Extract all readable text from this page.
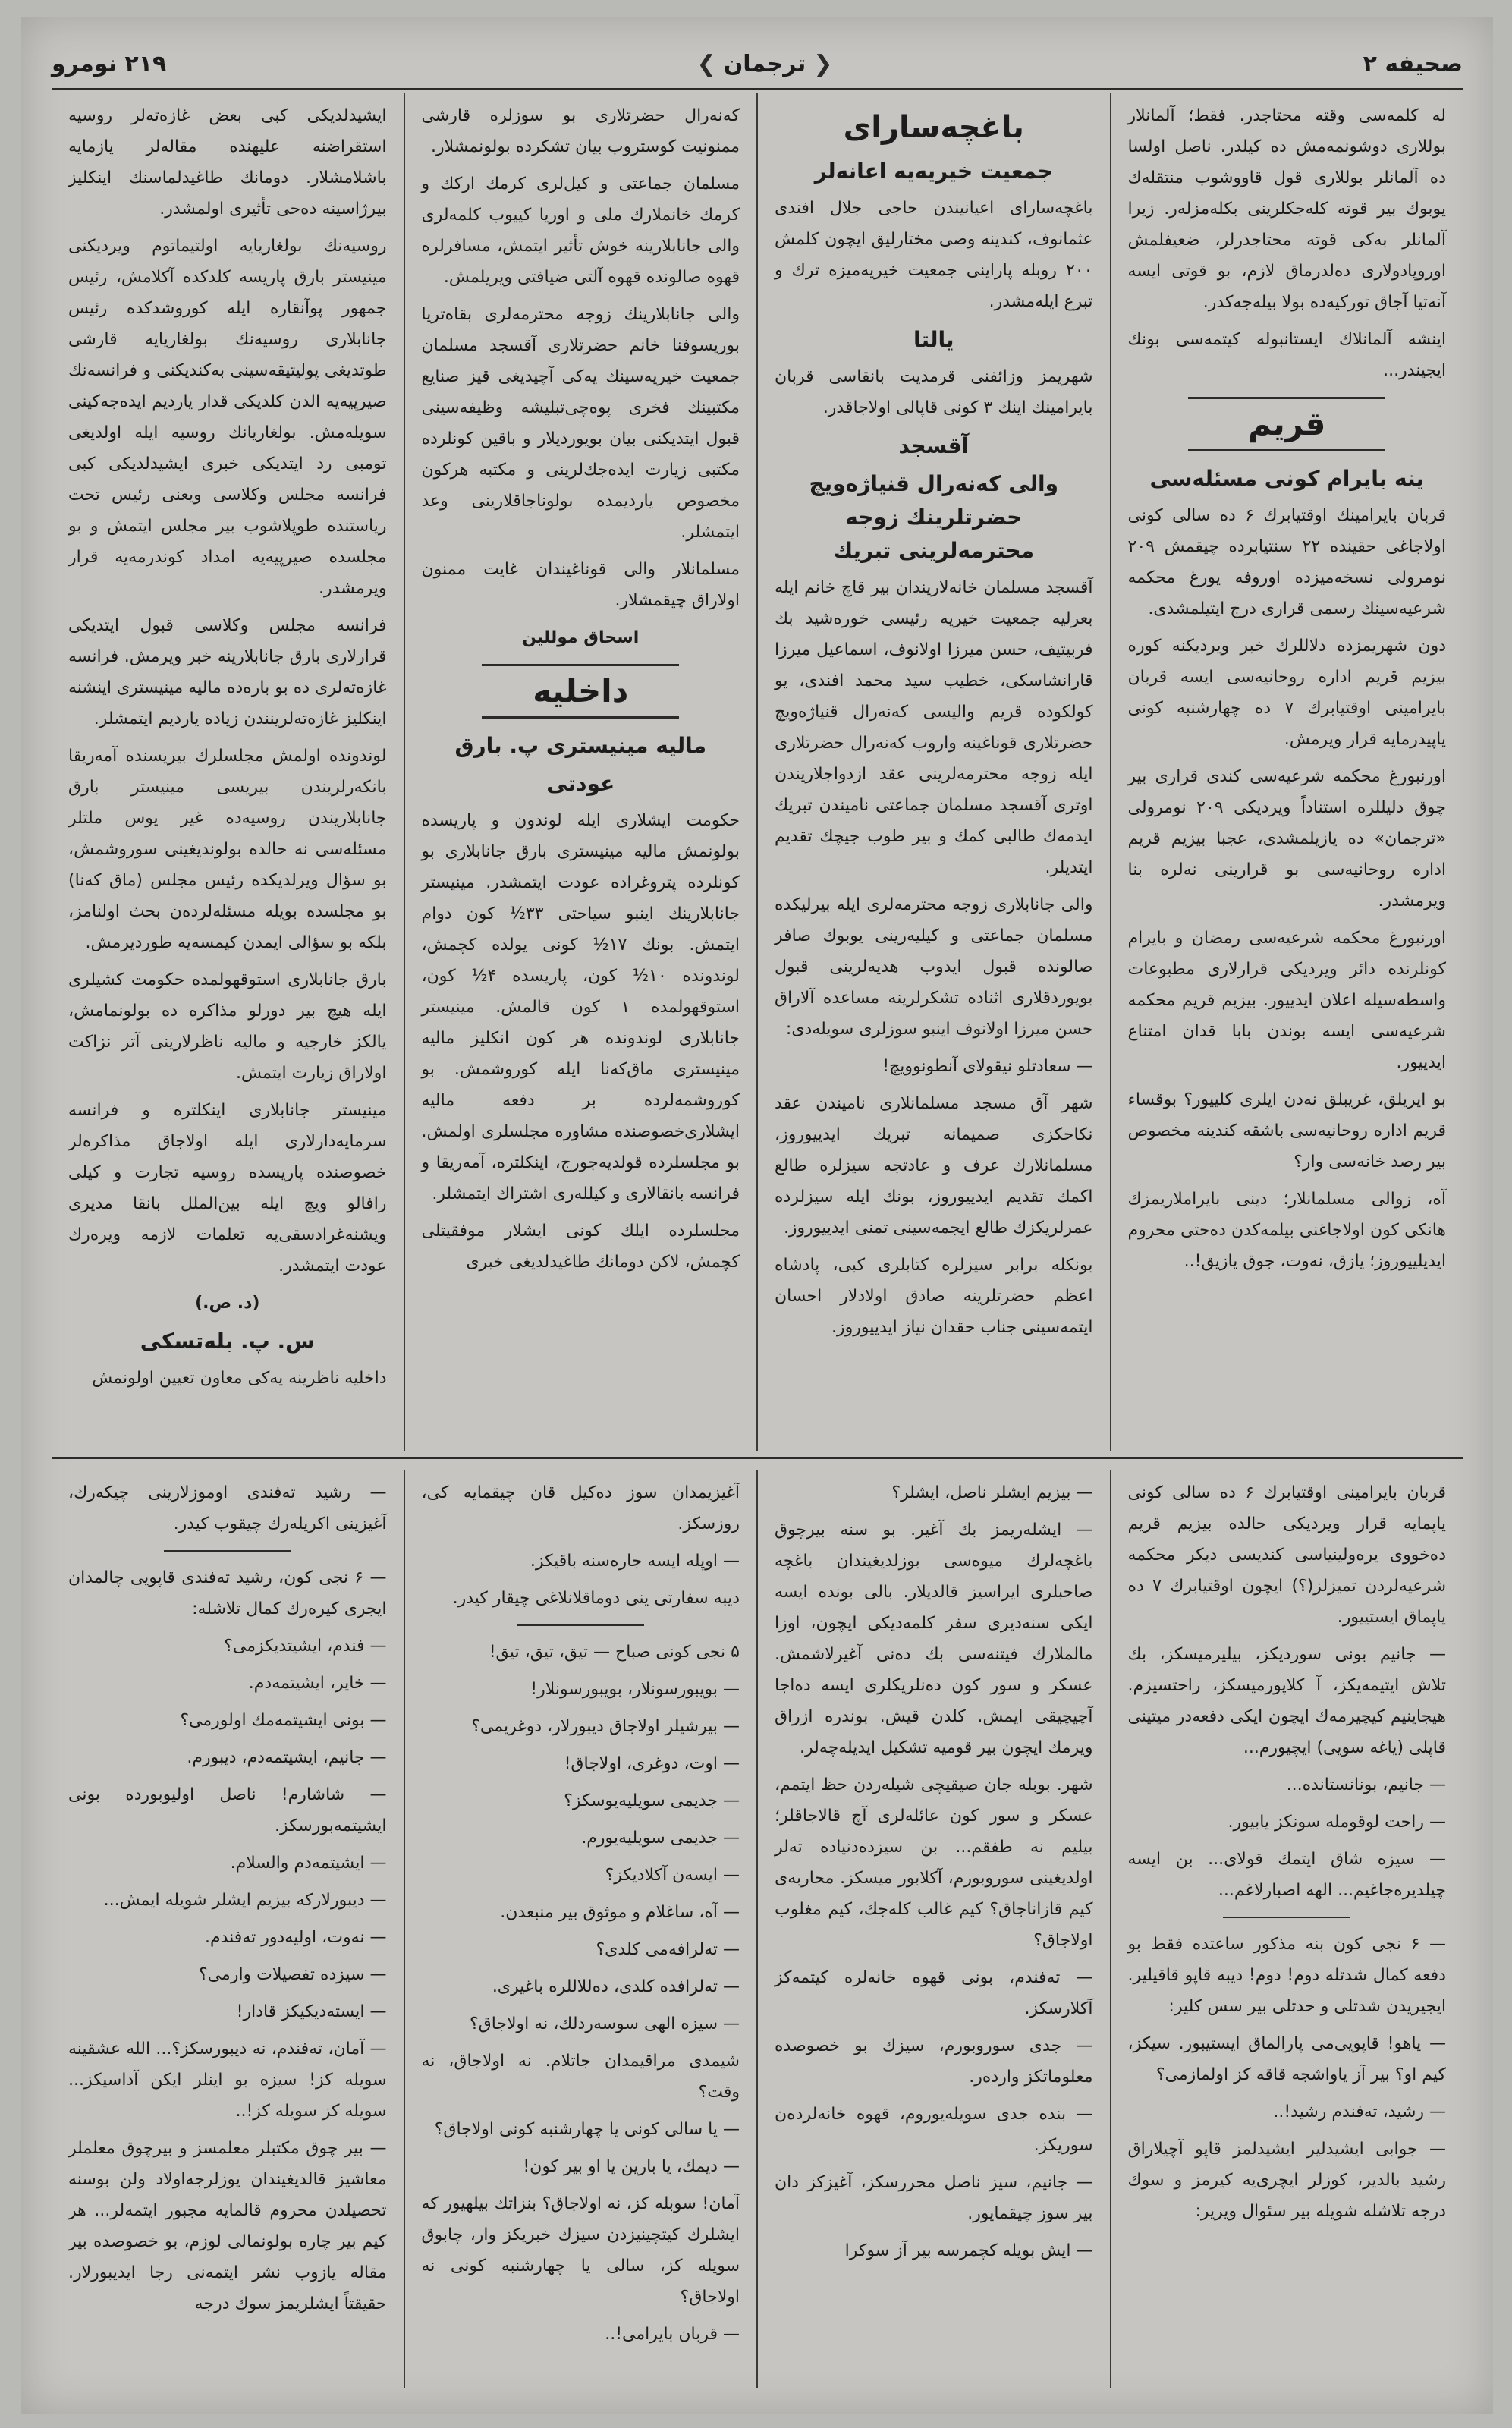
صحيفه ۲
❮
ترجمان
❯
۲۱۹ نومرو

له کلمه‌سی وقته محتاجدر. فقط؛ آلمانلار بوللاری دوشونمه‌مش ده کیلدر. ناصل اولسا ده آلمانلر بوللاری قول قاووشوب منتقله‌ك یوبوك بیر قوته کله‌جکلرینی بکله‌مزله‌ر. زیرا آلمانلر به‌کی قوته محتاجدرلر، ضعیفلمش اوروپادولاری ده‌لدرماق لازم، بو قوتی ایسه آنه‌تیا آجاق تورکیه‌ده بولا بیله‌جه‌کدر.

اینشه آلمانلاك ایستانبوله کیتمه‌سی بونك ایجیندر...

قريم
ینه بایرام کونی مسئله‌سی

قربان بایرامینك اوقتیابرك ۶ ده سالی کونی اولاجاغی حقینده ۲۲ سنتیابرده چیقمش ۲۰۹ نومرولی نسخه‌میزده اوروفه یورغ محکمه شرعیه‌سینك رسمی قراری درج ایتیلمشدی.

دون شهریمزده دلاللرك خبر ویردیکنه کوره بیزیم قریم اداره روحانیه‌سی ایسه قربان بایرامینی اوقتیابرك ۷ ده چهارشنبه کونی یاپیدرمایه قرار ویرمش.

اورنبورغ محکمه شرعیه‌سی کندی قراری بیر چوق دلیللره استناداً ویردیکی ۲۰۹ نومرولی «ترجمان» ده یازیلمشدی، عجبا بیزیم قریم اداره روحانیه‌سی بو قرارینی نه‌لره بنا ویرمشدر.

اورنبورغ محکمه شرعیه‌سی رمضان و بایرام کونلرنده دائر ویردیکی قرارلاری مطبوعات واسطه‌سیله اعلان ایدییور. بیزیم قریم محکمه شرعیه‌سی ایسه بوندن بابا قدان امتناع ایدییور.

بو ایریلق، غریبلق نه‌دن ایلری کلییور؟ بوقساء قریم اداره روحانیه‌سی باشقه کندینه مخصوص بیر رصد خانه‌سی وار؟

آه، زوالی مسلمانلار؛ دینی بایراملاریمزك هانکی کون اولاجاغنی بیلمه‌کدن ده‌حتی محروم ایدیلییوروز؛ یازق، نه‌وت، جوق یازیق!..

باغچه‌سارای
جمعیت خیریه‌یه اعانه‌لر

باغچه‌سارای اعیانیندن حاجی جلال افندی عثمانوف، کندینه وصی مختارلیق ایچون کلمش ۲۰۰ روبله پاراینی جمعیت خیریه‌میزه ترك و تبرع ایله‌مشدر.

یالتا

شهریمز وزائفنی قرمدیت بانقاسی قربان بایرامینك اینك ۳ کونی قاپالی اولاجاقدر.

آقسجد
والی که‌نه‌رال قنیاژه‌ویچ حضرتلرینك زوجه محترمه‌لرینی تبریك

آقسجد مسلمان خانه‌لاریندان بیر قاچ خانم ایله بعرلیه جمعیت خیریه رئیسی خوره‌شید بك فربیتیف، حسن میرزا اولانوف، اسماعیل میرزا قارانشاسکی، خطیب سید محمد افندی، یو کولکوده قریم والیسی که‌نه‌رال قنیاژه‌ویچ حضرتلاری قوناغینه واروب که‌نه‌رال حضرتلاری ایله زوجه محترمه‌لرینی عقد ازدواجلاریندن اوتری آقسجد مسلمان جماعتی نامیندن تبریك ایدمه‌ك طالبی کمك و بیر طوب جیچك تقدیم ایتدیلر.

والی جانابلاری زوجه محترمه‌لری ایله بیرلیکده مسلمان جماعتی و کیلیه‌رینی یوبوك صافر صالونده قبول ایدوب هدیه‌لرینی قبول بویوردقلاری اثناده تشکرلرینه مساعده آلاراق حسن میرزا اولانوف اینبو سوزلری سویله‌دی:

— سعادتلو نیقولای آنطونوویچ!

شهر آق مسجد مسلمانلاری نامیندن عقد نکاحکزی صمیمانه تبریك ایدییوروز، مسلمانلارك عرف و عادتجه سیزلره طالع اکمك تقدیم ایدییوروز، بونك ایله سیزلرده عمرلریکزك طالع ایجمه‌سینی تمنی ایدییوروز.

بونکله برابر سیزلره کتابلری کبی، پادشاه اعظم حضرتلرینه صادق اولادلار احسان ایتمه‌سینی جناب حقدان نیاز ایدییوروز.

که‌نه‌رال حضرتلاری بو سوزلره قارشی ممنونیت کوستروب بیان تشکرده بولونمشلار.

مسلمان جماعتی و کیل‌لری کرمك اركك و کرمك خانملارك ملی و اوریا کییوب کلمه‌لری والی جانابلارینه خوش تأثیر ایتمش، مسافرلره قهوه صالونده قهوه آلتی ضیافتی ویریلمش.

والی جانابلارینك زوجه محترمه‌لری بقاه‌تریا بوریسوفنا خانم حضرتلاری آقسجد مسلمان جمعیت خیریه‌سینك یه‌کی آچیدیغی قیز صنایع مکتبینك فخری پوه‌چی‌تبلیشه وظیفه‌سینی قبول ایتدیکنی بیان بویوردیلار و باقین کونلرده مکتبی زیارت ایده‌جك‌لرینی و مکتبه هرکون مخصوص یاردیمده بولوناجاقلارینی وعد ایتمشلر.

مسلمانلار والی قوناغیندان غایت ممنون اولاراق چیقمشلار.

اسحاق موللین
داخلیه
مالیه مینیستری پ. بارق
عودتی

حکومت ایشلاری ایله لوندون و پاریسده بولونمش مالیه مینیستری بارق جانابلاری بو کونلرده پتروغراده عودت ایتمشدر. مینیستر جانابلارینك اینبو سیاحتی ۳۳½ کون دوام ایتمش. بونك ۱۷½ کونی یولده کچمش، لوندونده ۱۰½ کون، پاریسده ۴½ کون، استوقهولمده ۱ کون قالمش. مینیستر جانابلاری لوندونده هر کون انکلیز مالیه مینیستری ماق‌که‌نا ایله کوروشمش. بو کوروشمه‌لرده بر دفعه مالیه ایشلاری‌خصوصنده مشاوره مجلسلری اولمش. بو مجلسلرده قولدیه‌جورج، اینکلتره، آمه‌ریقا و فرانسه بانقالاری و کیلله‌ری اشتراك ایتمشلر.

مجلسلرده ایلك کونی ایشلار موفقیتلی کچمش، لاکن دومانك طاغیدلدیغی خبری

ایشیدلدیکی کبی بعض غازه‌ته‌لر روسیه استقراضنه علیهنده مقاله‌لر یازمایه باشلامشلار. دومانك طاغیدلماسنك اینکلیز بیرژاسینه ده‌حی تأثیری اولمشدر.

روسیه‌نك بولغاریایه اولتیماتوم ویردیکنی مینیستر بارق پاریسه کلدکده آکلامش، رئیس جمهور پوآنقاره ایله کوروشدکده رئیس جانابلاری روسیه‌نك بولغاریایه قارشی طوتدیغی پولیتیقه‌سینی به‌کندیکنی و فرانسه‌نك صیرپیه‌یه الدن کلدیکی قدار یاردیم ایده‌جه‌کینی سویله‌مش. بولغاریانك روسیه ایله اولدیغی تومبی رد ایتدیکی خبری ایشیدلدیکی کبی فرانسه مجلس وکلاسی ویعنی رئیس تحت ریاستنده طوپلاشوب بیر مجلس ایتمش و بو مجلسده صیرپیه‌یه امداد کوندرمه‌یه قرار ویرمشدر.

فرانسه مجلس وکلاسی قبول ایتدیکی قرارلاری بارق جانابلارینه خبر ویرمش. فرانسه غازه‌ته‌لری ده بو باره‌ده مالیه مینیستری اینشنه اینکلیز غازه‌ته‌لرینندن زیاده یاردیم ایتمشلر.

لوندونده اولمش مجلسلرك بیریسنده آمه‌ریقا بانکه‌رلریندن بیریسی مینیستر بارق جانابلاریندن روسیه‌ده غیر یوس ملتلر مسئله‌سی نه حالده بولوندیغینی سوروشمش، بو سؤال ویرلدیکده رئیس مجلس (ماق که‌نا) بو مجلسده بویله مسئله‌لرده‌ن بحث اولنامز، بلکه بو سؤالی ایمدن کیمسه‌یه طوردیرمش.

بارق جانابلاری استوقهولمده حکومت کشیلری ایله هیچ بیر دورلو مذاکره ده بولونمامش، یالکز خارجیه و مالیه ناظرلارینی آتر نزاکت اولاراق زیارت ایتمش.

مینیستر جانابلاری اینکلتره و فرانسه سرمایه‌دارلاری ایله اولاجاق مذاکره‌لر خصوصنده پاریسده روسیه تجارت و کیلی رافالو ویچ ایله بین‌الملل بانقا مدیری ویشنه‌غرادسقی‌یه تعلمات لازمه ویره‌رك عودت ایتمشدر.

(د. ص.)
س. پ. بله‌تسکی

داخلیه ناظرینه یه‌کی معاون تعیین اولونمش

قربان بایرامینی اوقتیابرك ۶ ده سالی کونی یاپمایه قرار ویردیکی حالده بیزیم قریم ده‌خووی یره‌ولینیاسی کندیسی دیکر محکمه شرعیه‌لردن تمیزلز(؟) ایچون اوقتیابرك ۷ ده یاپماق ایستییور.

— جانیم بونی سوردیکز، بیلیرمیسکز، بك تلاش ایتیمه‌یکز، آ کلاپورمیسکز، راحتسیزم. هیجاینیم کیچیرمه‌ك ایچون ایکی دفعه‌در میتینی قاپلی (یاغه سویی) ایچیورم...

— جانیم، بونانستانده...

— راحت لوقومله سونکز یابیور.

— سیزه شاق ایتمك قولای... بن ایسه چیلدیره‌جاغیم... الهه اصبارلاغم...

— ۶ نجی کون بنه مذکور ساعتده فقط بو دفعه کمال شدتله دوم! دوم! دیبه قاپو قاقیلیر. ایجیریدن شدتلی و حدتلی بیر سس کلیر:

— یاهو! قاپویی‌می پارالماق ایستیبور. سیکز، کیم او؟ بیر آز یاواشجه قاقه کز اولمازمی؟

— رشید، ته‌فندم رشید!..

— جوابی ایشیدلیر ایشیدلمز قاپو آچیلاراق رشید بالدیر، کوزلر ایچری‌یه کیرمز و سوك درجه تلاشله شویله بیر سئوال ویریر:

— بیزیم ایشلر ناصل، ایشلر؟

— ایشله‌ریمز بك آغیر. بو سنه بیرچوق باغچه‌لرك میوه‌سی بوزلدیغیندان باغچه صاحبلری ایراسیز قالدیلار. بالی بونده ایسه ایکی سنه‌دیری سفر کلمه‌دیکی ایچون، اوزا مالملارك فیتنه‌سی بك ده‌نی آغیرلاشمش. عسکر و سور کون ده‌نلریکلری ایسه ده‌اجا آچیچیقی ایمش. کلدن قیش. بوندره ازراق ویرمك ایچون بیر قومیه تشکیل ایدیله‌چه‌لر.

شهر. بوبله جان صیقیچی شیله‌ردن حظ ایتمم، عسکر و سور کون عائله‌لری آچ قالاجاقلر؛ بیلیم نه طفقم... بن سیزده‌دنیاده ته‌لر اولدیغینی سوروبورم، آکلابور میسکز. محاربه‌ی کیم قازاناجاق؟ کیم غالب کله‌جك، کیم مغلوب اولاجاق؟

— ته‌فندم، بونی قهوه خانه‌لره کیتمه‌کز آکلارسکز.

— جدی سوروبورم، سیزك بو خصوصده معلوماتکز وارده‌ر.

— بنده جدی سویله‌یوروم، قهوه خانه‌لرده‌ن سوریکز.

— جانیم، سیز ناصل محررسکز، آغیزکز دان بیر سوز چیقمایور.

— ایش بویله کچمرسه بیر آز سوکرا

آغیزیمدان سوز ده‌کیل قان چیقمایه کی، روزسکز.

— اوپله ایسه جاره‌سنه باقیکز.

دیبه سفارتی ینی دوماقلانلاغی چیقار کیدر.

۵ نجی کونی صباح — تیق، تیق، تیق!

— بویبورسونلار، بویبورسونلار!

— بیرشیلر اولاجاق دیبورلار، دوغریمی؟

— اوت، دوغری، اولاجاق!

— جدیمی سویلیه‌یوسکز؟

— جدیمی سویلیه‌یورم.

— ایسه‌ن آکلادیکز؟

— آه، ساغلام و موثوق بیر منبعدن.

— ته‌لرافه‌می کلدی؟

— ته‌لرافده کلدی، ده‌للاللره باغیری.

— سیزه الهی سوسه‌ردلك، نه اولاجاق؟

شیمدی مراقیمدان جاتلام. نه اولاجاق، نه وقت؟

— یا سالی کونی یا چهارشنبه کونی اولاجاق؟

— دیمك، یا بارین یا او بیر کون!

آمان! سوبله کز، نه اولاجاق؟ بنزاتك بیلهیور که ایشلرك کیتچینیزدن سیزك خبریکز وار، چابوق سویله کز، سالی یا چهارشنبه کونی نه اولاجاق؟

— قربان بایرامی!..

— رشید ته‌فندی اوموزلارینی چیکه‌رك، آغیزینی اکریله‌رك چیقوب کیدر.

— ۶ نجی کون، رشید ته‌فندی قاپویی چالمدان ایجری کیره‌رك کمال تلاشله:

— فندم، ایشیتدیکزمی؟

— خایر، ایشیتمه‌دم.

— بونی ایشیتمه‌مك اولورمی؟

— جانیم، ایشیتمه‌دم، دیبورم.

— شاشارم! ناصل اولیوبورده بونی ایشیتمه‌بورسکز.

— ایشیتمه‌دم والسلام.

— دیبورلارکه بیزیم ایشلر شویله ایمش...

— نه‌وت، اولیه‌دور ته‌فندم.

— سیزده تفصیلات وارمی؟

— ایسته‌دیکیکز قادار!

— آمان، ته‌فندم، نه دیبورسکز؟... الله عشقینه سویله کز! سیزه بو اینلر ایکن آداسیکز... سویله کز سویله کز!..

— بیر چوق مکتبلر معلمسز و بیرچوق معلملر معاشیز قالدیغیندان یوزلرجه‌اولاد ولن بوسنه تحصیلدن محروم قالمایه مجبور ایتمه‌لر... هر کیم بیر چاره بولونمالی لوزم، بو خصوصده بیر مقاله یازوب نشر ایتمه‌نی رجا ایدیبورلار. حقیقتاً ایشلریمز سوك درجه
